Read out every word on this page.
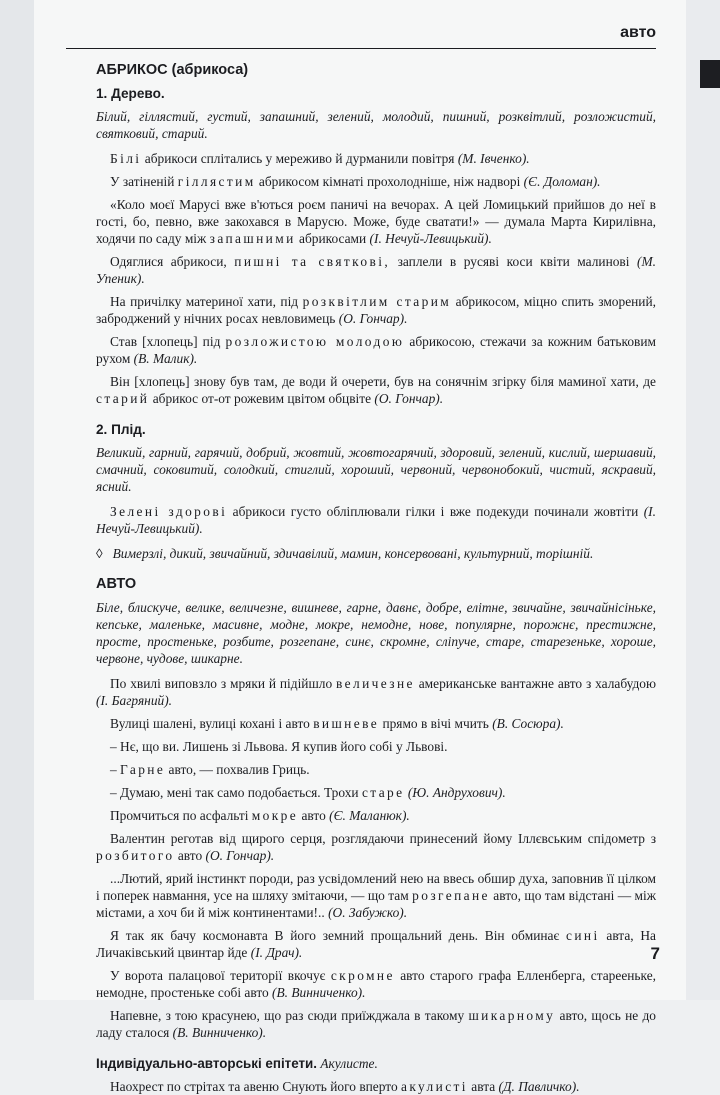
авто
АБРИКОС (абрикоса)
1. Дерево.

Білий, гіллястий, густий, запашний, зелений, молодий, пишний, розквітлий, розложистий, святковий, старий.

Білі абрикоси сплітались у мереживо й дурманили повітря (М. Івченко).

У затіненій гіллястим абрикосом кімнаті прохолодніше, ніж надворі (Є. Доломан).

«Коло моєї Марусі вже в'ються роєм паничі на вечорах. А цей Ломицький прийшов до неї в гості, бо, певно, вже закохався в Марусю. Може, буде сватати!» — думала Марта Кирилівна, ходячи по саду між запашними абрикосами (І. Нечуй-Левицький).

Одяглися абрикоси, пишні та святкові, заплели в русяві коси квіти малинові (М. Упеник).

На причілку материної хати, під розквітлим старим абрикосом, міцно спить зморений, заброджений у нічних росах невловимець (О. Гончар).

Став [хлопець] під розложистою молодою абрикосою, стежачи за кожним батьковим рухом (В. Малик).

Він [хлопець] знову був там, де води й очерети, був на сонячнім згірку біля маминої хати, де старий абрикос от-от рожевим цвітом обцвіте (О. Гончар).

2. Плід.

Великий, гарний, гарячий, добрий, жовтий, жовтогарячий, здоровий, зелений, кислий, шершавий, смачний, соковитий, солодкий, стиглий, хороший, червоний, червонобокий, чистий, яскравий, ясний.

Зелені здорові абрикоси густо обліплювали гілки і вже подекуди починали жовтіти (І. Нечуй-Левицький).

◊ Вимерзлі, дикий, звичайний, здичавілий, мамин, консервовані, культурний, торішній.
АВТО

Біле, блискуче, велике, величезне, вишневе, гарне, давнє, добре, елітне, звичайне, звичайнісіньке, кепське, маленьке, масивне, модне, мокре, немодне, нове, популярне, порожнє, престижне, просте, простеньке, розбите, розгепане, синє, скромне, сліпуче, старе, старезеньке, хороше, червоне, чудове, шикарне.

По хвилі виповзло з мряки й підійшло величезне американське вантажне авто з халабудою (І. Багряний).

Вулиці шалені, вулиці кохані і авто вишневе прямо в вічі мчить (В. Сосюра).

– Нє, що ви. Лишень зі Львова. Я купив його собі у Львові.

– Гарне авто, — похвалив Гриць.

– Думаю, мені так само подобається. Трохи старе (Ю. Андрухович).

Промчиться по асфальті мокре авто (Є. Маланюк).

Валентин реготав від щирого серця, розглядаючи принесений йому Іллєвським спідометр з розбитого авто (О. Гончар).

...Лютий, ярий інстинкт породи, раз усвідомлений нею на ввесь обшир духа, заповнив її цілком і поперек навмання, усе на шляху змітаючи, — що там розгепане авто, що там відстані — між містами, а хоч би й між континентами!.. (О. Забужко).

Я так як бачу космонавта В його земний прощальний день. Він обминає сині авта, На Личаківський цвинтар йде (І. Драч).

У ворота палацової території вкочує скромне авто старого графа Елленберга, старееньке, немодне, простеньке собі авто (В. Винниченко).

Напевне, з тою красунею, що раз сюди приїжджала в такому шикарному авто, щось не до ладу сталося (В. Винниченко).

Індивідуально-авторські епітети. Акулисте.

Наохрест по стрітах та авеню Снують його вперто акулисті авта (Д. Павличко).

7
